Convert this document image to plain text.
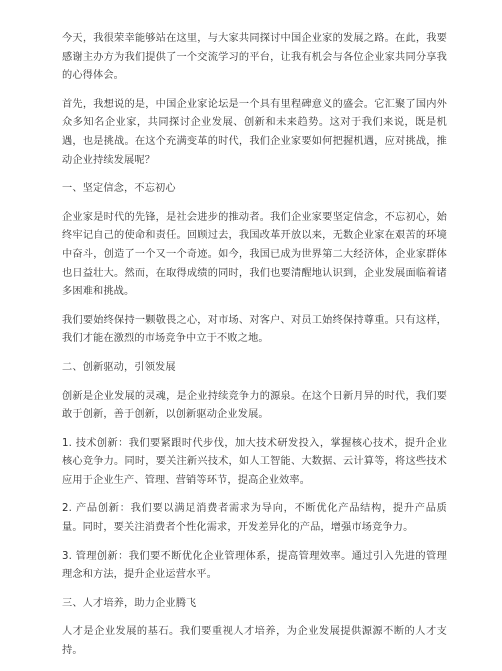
今天，我很荣幸能够站在这里，与大家共同探讨中国企业家的发展之路。在此，我要感谢主办方为我们提供了一个交流学习的平台，让我有机会与各位企业家共同分享我的心得体会。

首先，我想说的是，中国企业家论坛是一个具有里程碑意义的盛会。它汇聚了国内外众多知名企业家，共同探讨企业发展、创新和未来趋势。这对于我们来说，既是机遇，也是挑战。在这个充满变革的时代，我们企业家要如何把握机遇，应对挑战，推动企业持续发展呢？

一、坚定信念，不忘初心

企业家是时代的先锋，是社会进步的推动者。我们企业家要坚定信念，不忘初心，始终牢记自己的使命和责任。回顾过去，我国改革开放以来，无数企业家在艰苦的环境中奋斗，创造了一个又一个奇迹。如今，我国已成为世界第二大经济体，企业家群体也日益壮大。然而，在取得成绩的同时，我们也要清醒地认识到，企业发展面临着诸多困难和挑战。

我们要始终保持一颗敬畏之心，对市场、对客户、对员工始终保持尊重。只有这样，我们才能在激烈的市场竞争中立于不败之地。

二、创新驱动，引领发展

创新是企业发展的灵魂，是企业持续竞争力的源泉。在这个日新月异的时代，我们要敢于创新，善于创新，以创新驱动企业发展。

1. 技术创新：我们要紧跟时代步伐，加大技术研发投入，掌握核心技术，提升企业核心竞争力。同时，要关注新兴技术，如人工智能、大数据、云计算等，将这些技术应用于企业生产、管理、营销等环节，提高企业效率。

2. 产品创新：我们要以满足消费者需求为导向，不断优化产品结构，提升产品质量。同时，要关注消费者个性化需求，开发差异化的产品，增强市场竞争力。

3. 管理创新：我们要不断优化企业管理体系，提高管理效率。通过引入先进的管理理念和方法，提升企业运营水平。

三、人才培养，助力企业腾飞

人才是企业发展的基石。我们要重视人才培养，为企业发展提供源源不断的人才支持。
